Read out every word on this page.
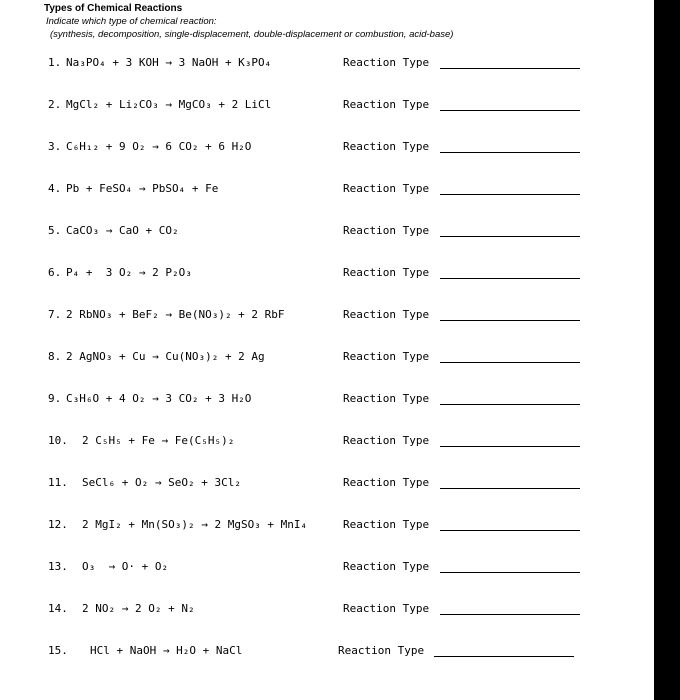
Types of Chemical Reactions
Indicate which type of chemical reaction:
(synthesis, decomposition, single-displacement, double-displacement or combustion, acid-base)
1. Na₃PO₄ + 3 KOH → 3 NaOH + K₃PO₄	Reaction Type
2. MgCl₂ + Li₂CO₃ → MgCO₃ + 2 LiCl	Reaction Type
3. C₆H₁₂ + 9 O₂ → 6 CO₂ + 6 H₂O	Reaction Type
4. Pb + FeSO₄ → PbSO₄ + Fe	Reaction Type
5. CaCO₃ → CaO + CO₂	Reaction Type
6. P₄ +  3 O₂ → 2 P₂O₃	Reaction Type
7. 2 RbNO₃ + BeF₂ → Be(NO₃)₂ + 2 RbF	Reaction Type
8. 2 AgNO₃ + Cu → Cu(NO₃)₂ + 2 Ag	Reaction Type
9. C₃H₆O + 4 O₂ → 3 CO₂ + 3 H₂O	Reaction Type
10. 2 C₅H₅ + Fe → Fe(C₅H₅)₂	Reaction Type
11. SeCl₆ + O₂ → SeO₂ + 3Cl₂	Reaction Type
12. 2 MgI₂ + Mn(SO₃)₂ → 2 MgSO₃ + MnI₄	Reaction Type
13. O₃  → O· + O₂	Reaction Type
14. 2 NO₂ → 2 O₂ + N₂	Reaction Type
15. HCl + NaOH → H₂O + NaCl	Reaction Type
